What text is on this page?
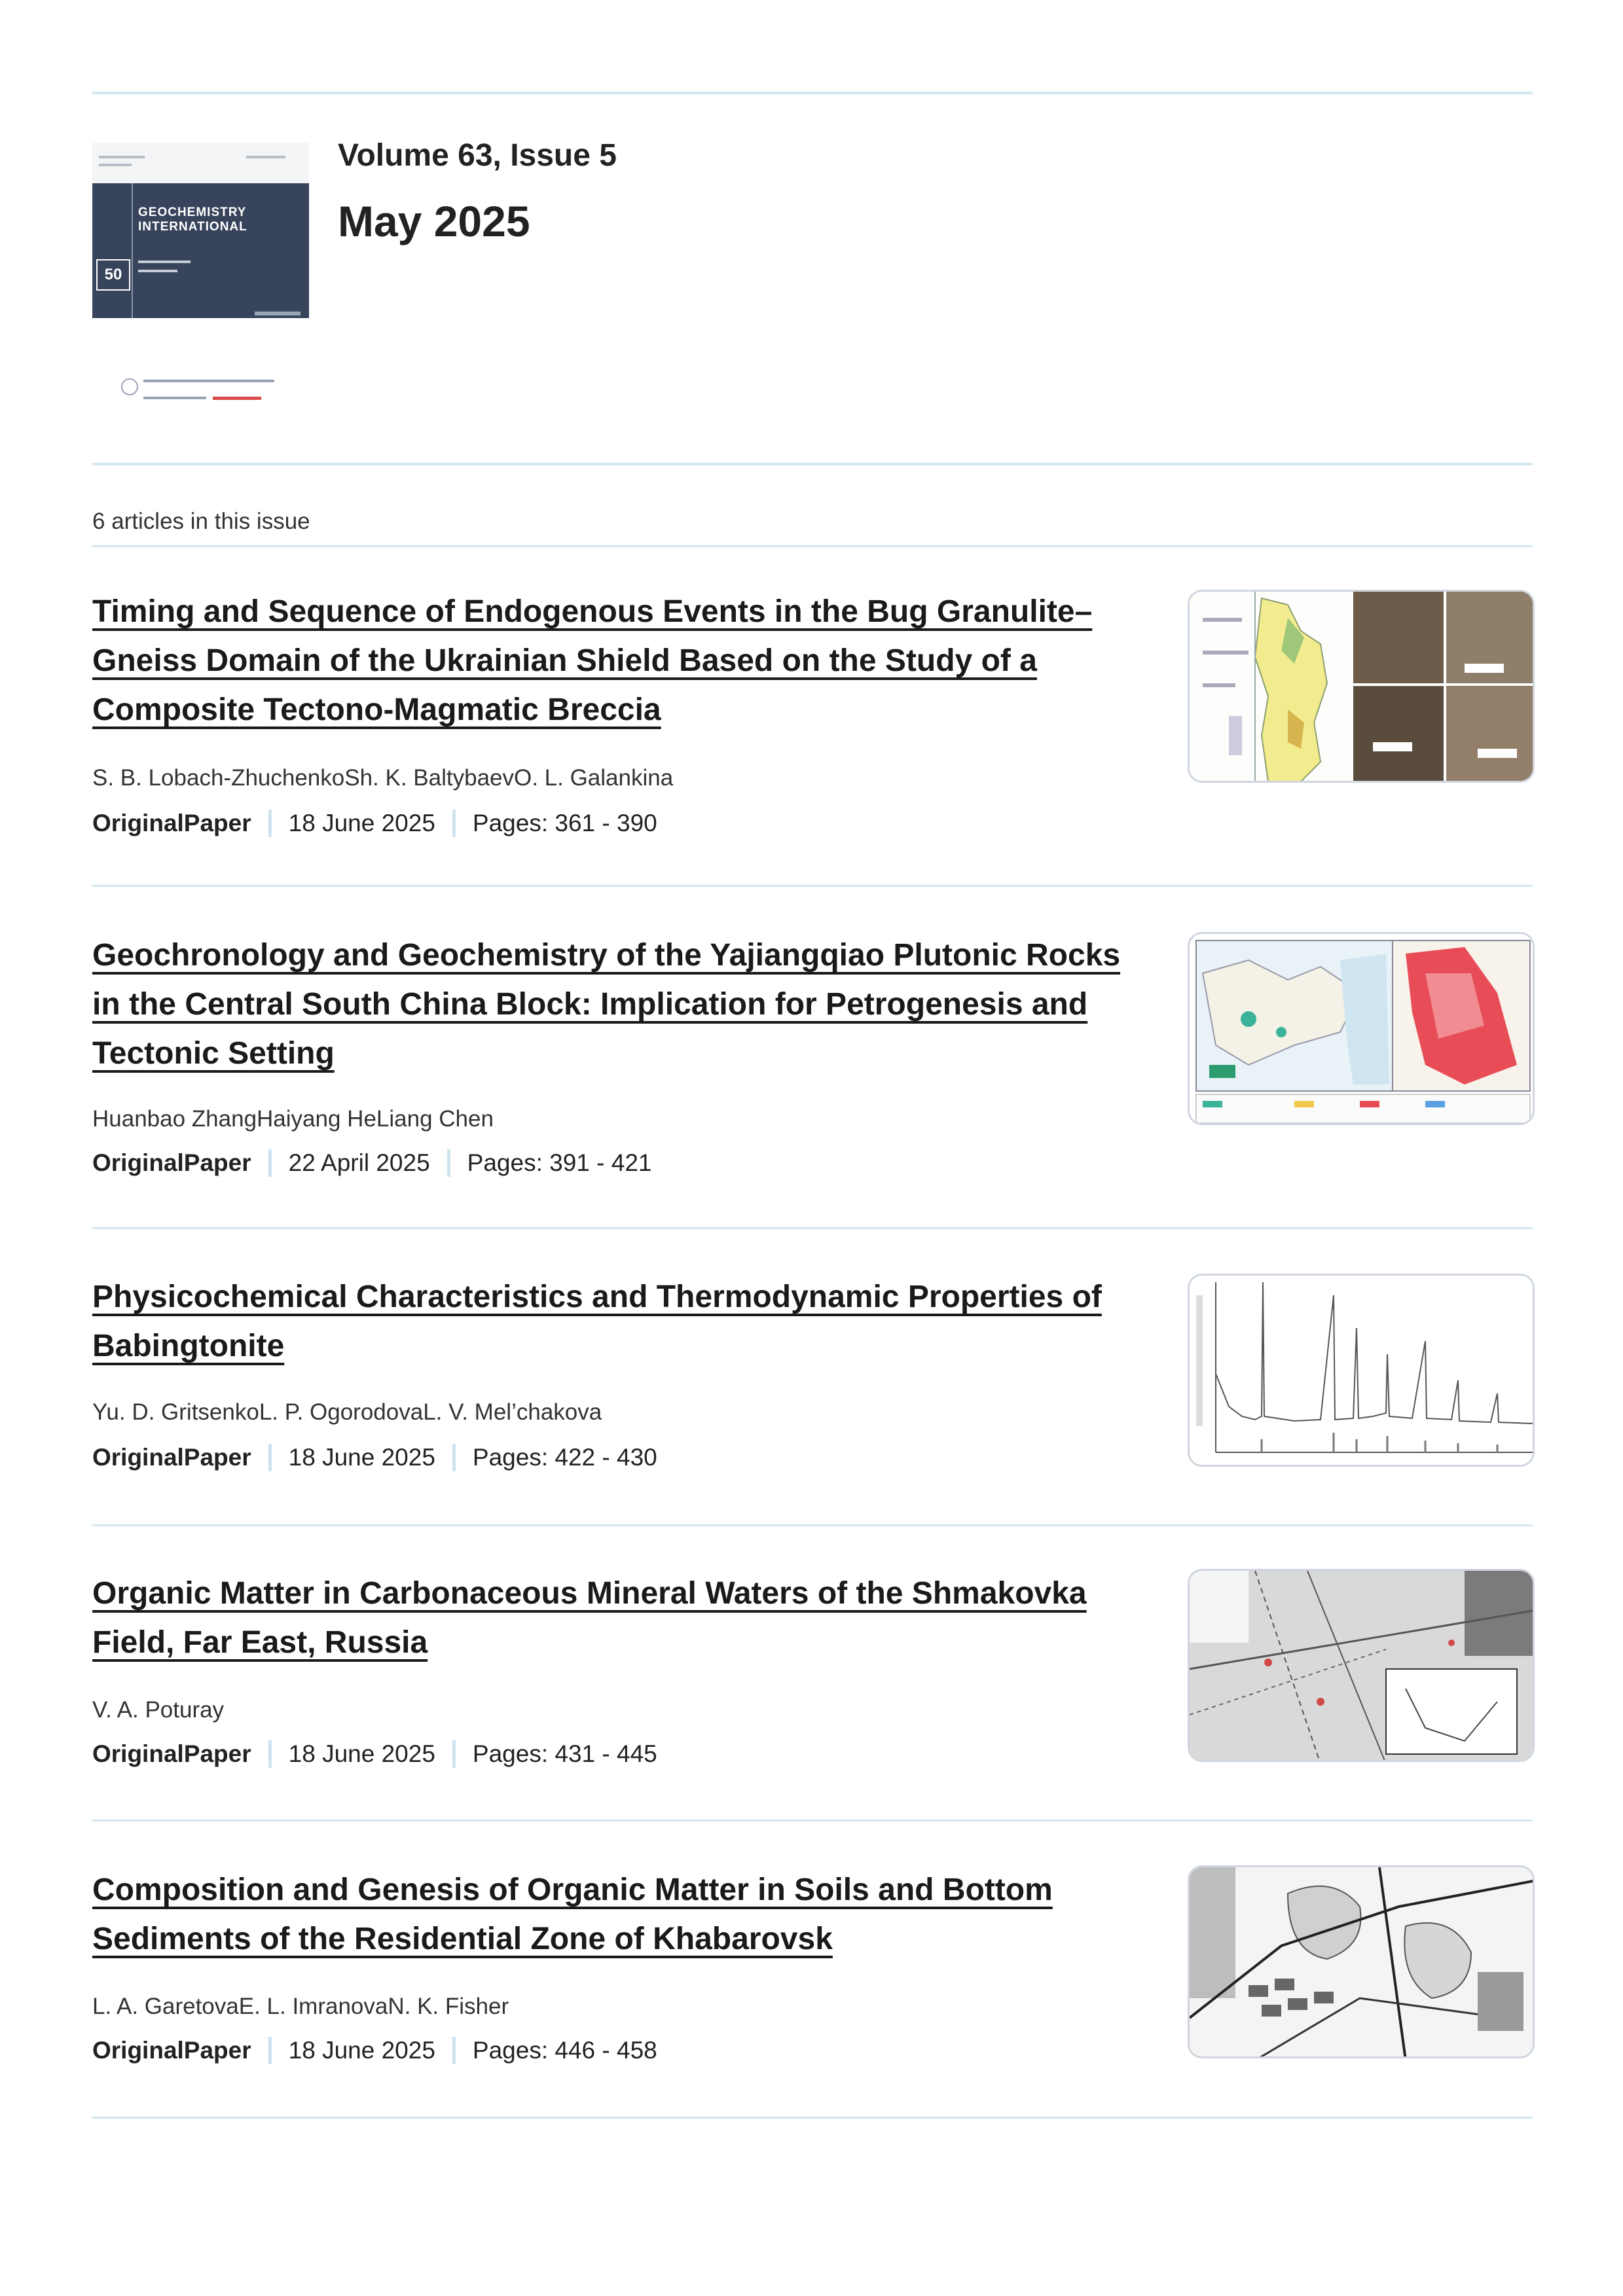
GEOCHEMISTRY
INTERNATIONAL
50
Volume 63, Issue 5
May 2025
6 articles in this issue
Timing and Sequence of Endogenous Events in the Bug Granulite–Gneiss Domain of the Ukrainian Shield Based on the Study of a Composite Tectono-Magmatic Breccia
S. B. Lobach-ZhuchenkoSh. K. BaltybaevO. L. Galankina
OriginalPaper 18 June 2025 Pages: 361 - 390
Geochronology and Geochemistry of the Yajiangqiao Plutonic Rocks in the Central South China Block: Implication for Petrogenesis and Tectonic Setting
Huanbao ZhangHaiyang HeLiang Chen
OriginalPaper 22 April 2025 Pages: 391 - 421
Physicochemical Characteristics and Thermodynamic Properties of Babingtonite
Yu. D. GritsenkoL. P. OgorodovaL. V. Mel’chakova
OriginalPaper 18 June 2025 Pages: 422 - 430
Organic Matter in Carbonaceous Mineral Waters of the Shmakovka Field, Far East, Russia
V. A. Poturay
OriginalPaper 18 June 2025 Pages: 431 - 445
Composition and Genesis of Organic Matter in Soils and Bottom Sediments of the Residential Zone of Khabarovsk
L. A. GaretovaE. L. ImranovaN. K. Fisher
OriginalPaper 18 June 2025 Pages: 446 - 458
